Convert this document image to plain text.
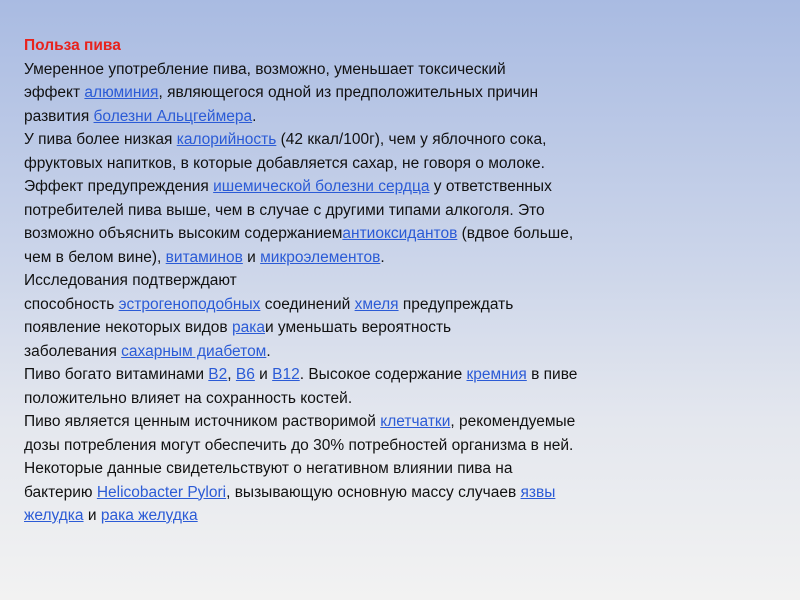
Польза пива
Умеренное употребление пива, возможно, уменьшает токсический
эффект алюминия, являющегося одной из предположительных причин
развития болезни Альцгеймера.
У пива более низкая калорийность (42 ккал/100г), чем у яблочного сока,
фруктовых напитков, в которые добавляется сахар, не говоря о молоке.
Эффект предупреждения ишемической болезни сердца у ответственных
потребителей пива выше, чем в случае с другими типами алкоголя. Это
возможно объяснить высоким содержаниемантиоксидантов (вдвое больше,
чем в белом вине), витаминов и микроэлементов.
Исследования подтверждают
способность эстрогеноподобных соединений хмеля предупреждать
появление некоторых видов ракаи уменьшать вероятность
заболевания сахарным диабетом.
Пиво богато витаминами B2, B6 и B12. Высокое содержание кремния в пиве
положительно влияет на сохранность костей.
Пиво является ценным источником растворимой клетчатки, рекомендуемые
дозы потребления могут обеспечить до 30% потребностей организма в ней.
Некоторые данные свидетельствуют о негативном влиянии пива на
бактерию Helicobacter Pylori, вызывающую основную массу случаев язвы
желудка и рака желудка
